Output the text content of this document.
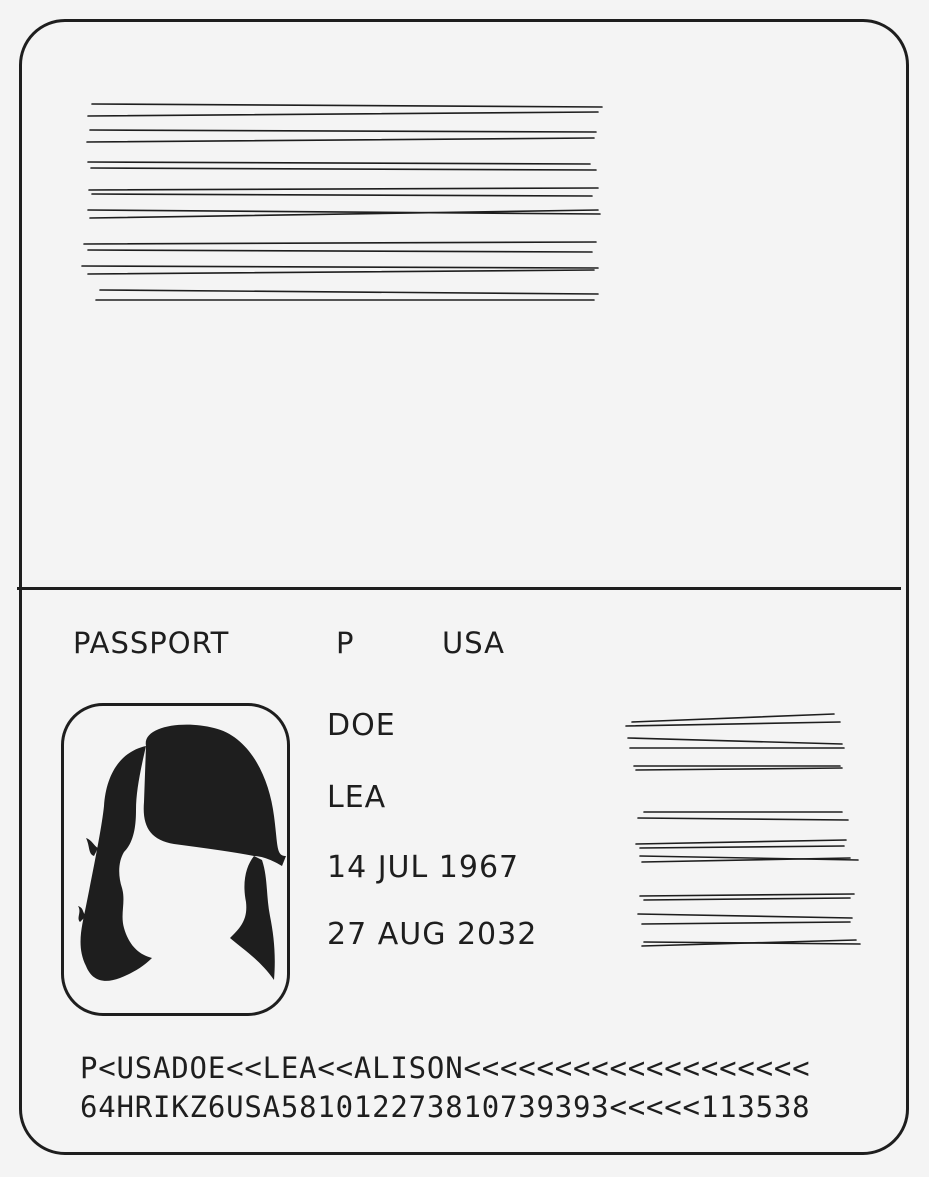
PASSPORT	P	USA
DOE
LEA
14 JUL 1967
27 AUG 2032
P<USADOE<<LEA<<ALISON<<<<<<<<<<<<<<<<<<<
64HRIKZ6USA58101227381073939З<<<<<113538
